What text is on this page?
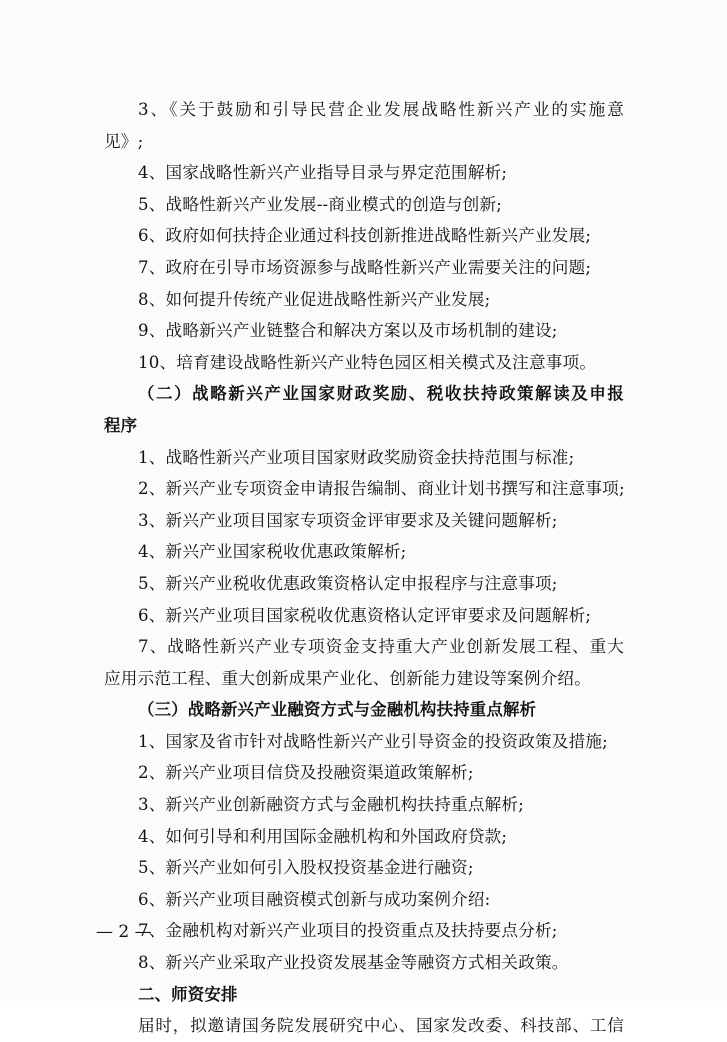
3、《关于鼓励和引导民营企业发展战略性新兴产业的实施意
见》;
4、国家战略性新兴产业指导目录与界定范围解析;
5、战略性新兴产业发展--商业模式的创造与创新;
6、政府如何扶持企业通过科技创新推进战略性新兴产业发展;
7、政府在引导市场资源参与战略性新兴产业需要关注的问题;
8、如何提升传统产业促进战略性新兴产业发展;
9、战略新兴产业链整合和解决方案以及市场机制的建设;
10、培育建设战略性新兴产业特色园区相关模式及注意事项。
（二）战略新兴产业国家财政奖励、税收扶持政策解读及申报
程序
1、战略性新兴产业项目国家财政奖励资金扶持范围与标准;
2、新兴产业专项资金申请报告编制、商业计划书撰写和注意事项;
3、新兴产业项目国家专项资金评审要求及关键问题解析;
4、新兴产业国家税收优惠政策解析;
5、新兴产业税收优惠政策资格认定申报程序与注意事项;
6、新兴产业项目国家税收优惠资格认定评审要求及问题解析;
7、战略性新兴产业专项资金支持重大产业创新发展工程、重大
应用示范工程、重大创新成果产业化、创新能力建设等案例介绍。
（三）战略新兴产业融资方式与金融机构扶持重点解析
1、国家及省市针对战略性新兴产业引导资金的投资政策及措施;
2、新兴产业项目信贷及投融资渠道政策解析;
3、新兴产业创新融资方式与金融机构扶持重点解析;
4、如何引导和利用国际金融机构和外国政府贷款;
5、新兴产业如何引入股权投资基金进行融资;
6、新兴产业项目融资模式创新与成功案例介绍:
7、金融机构对新兴产业项目的投资重点及扶持要点分析;
8、新兴产业采取产业投资发展基金等融资方式相关政策。
二、师资安排
届时，拟邀请国务院发展研究中心、国家发改委、科技部、工信
— 2 —
